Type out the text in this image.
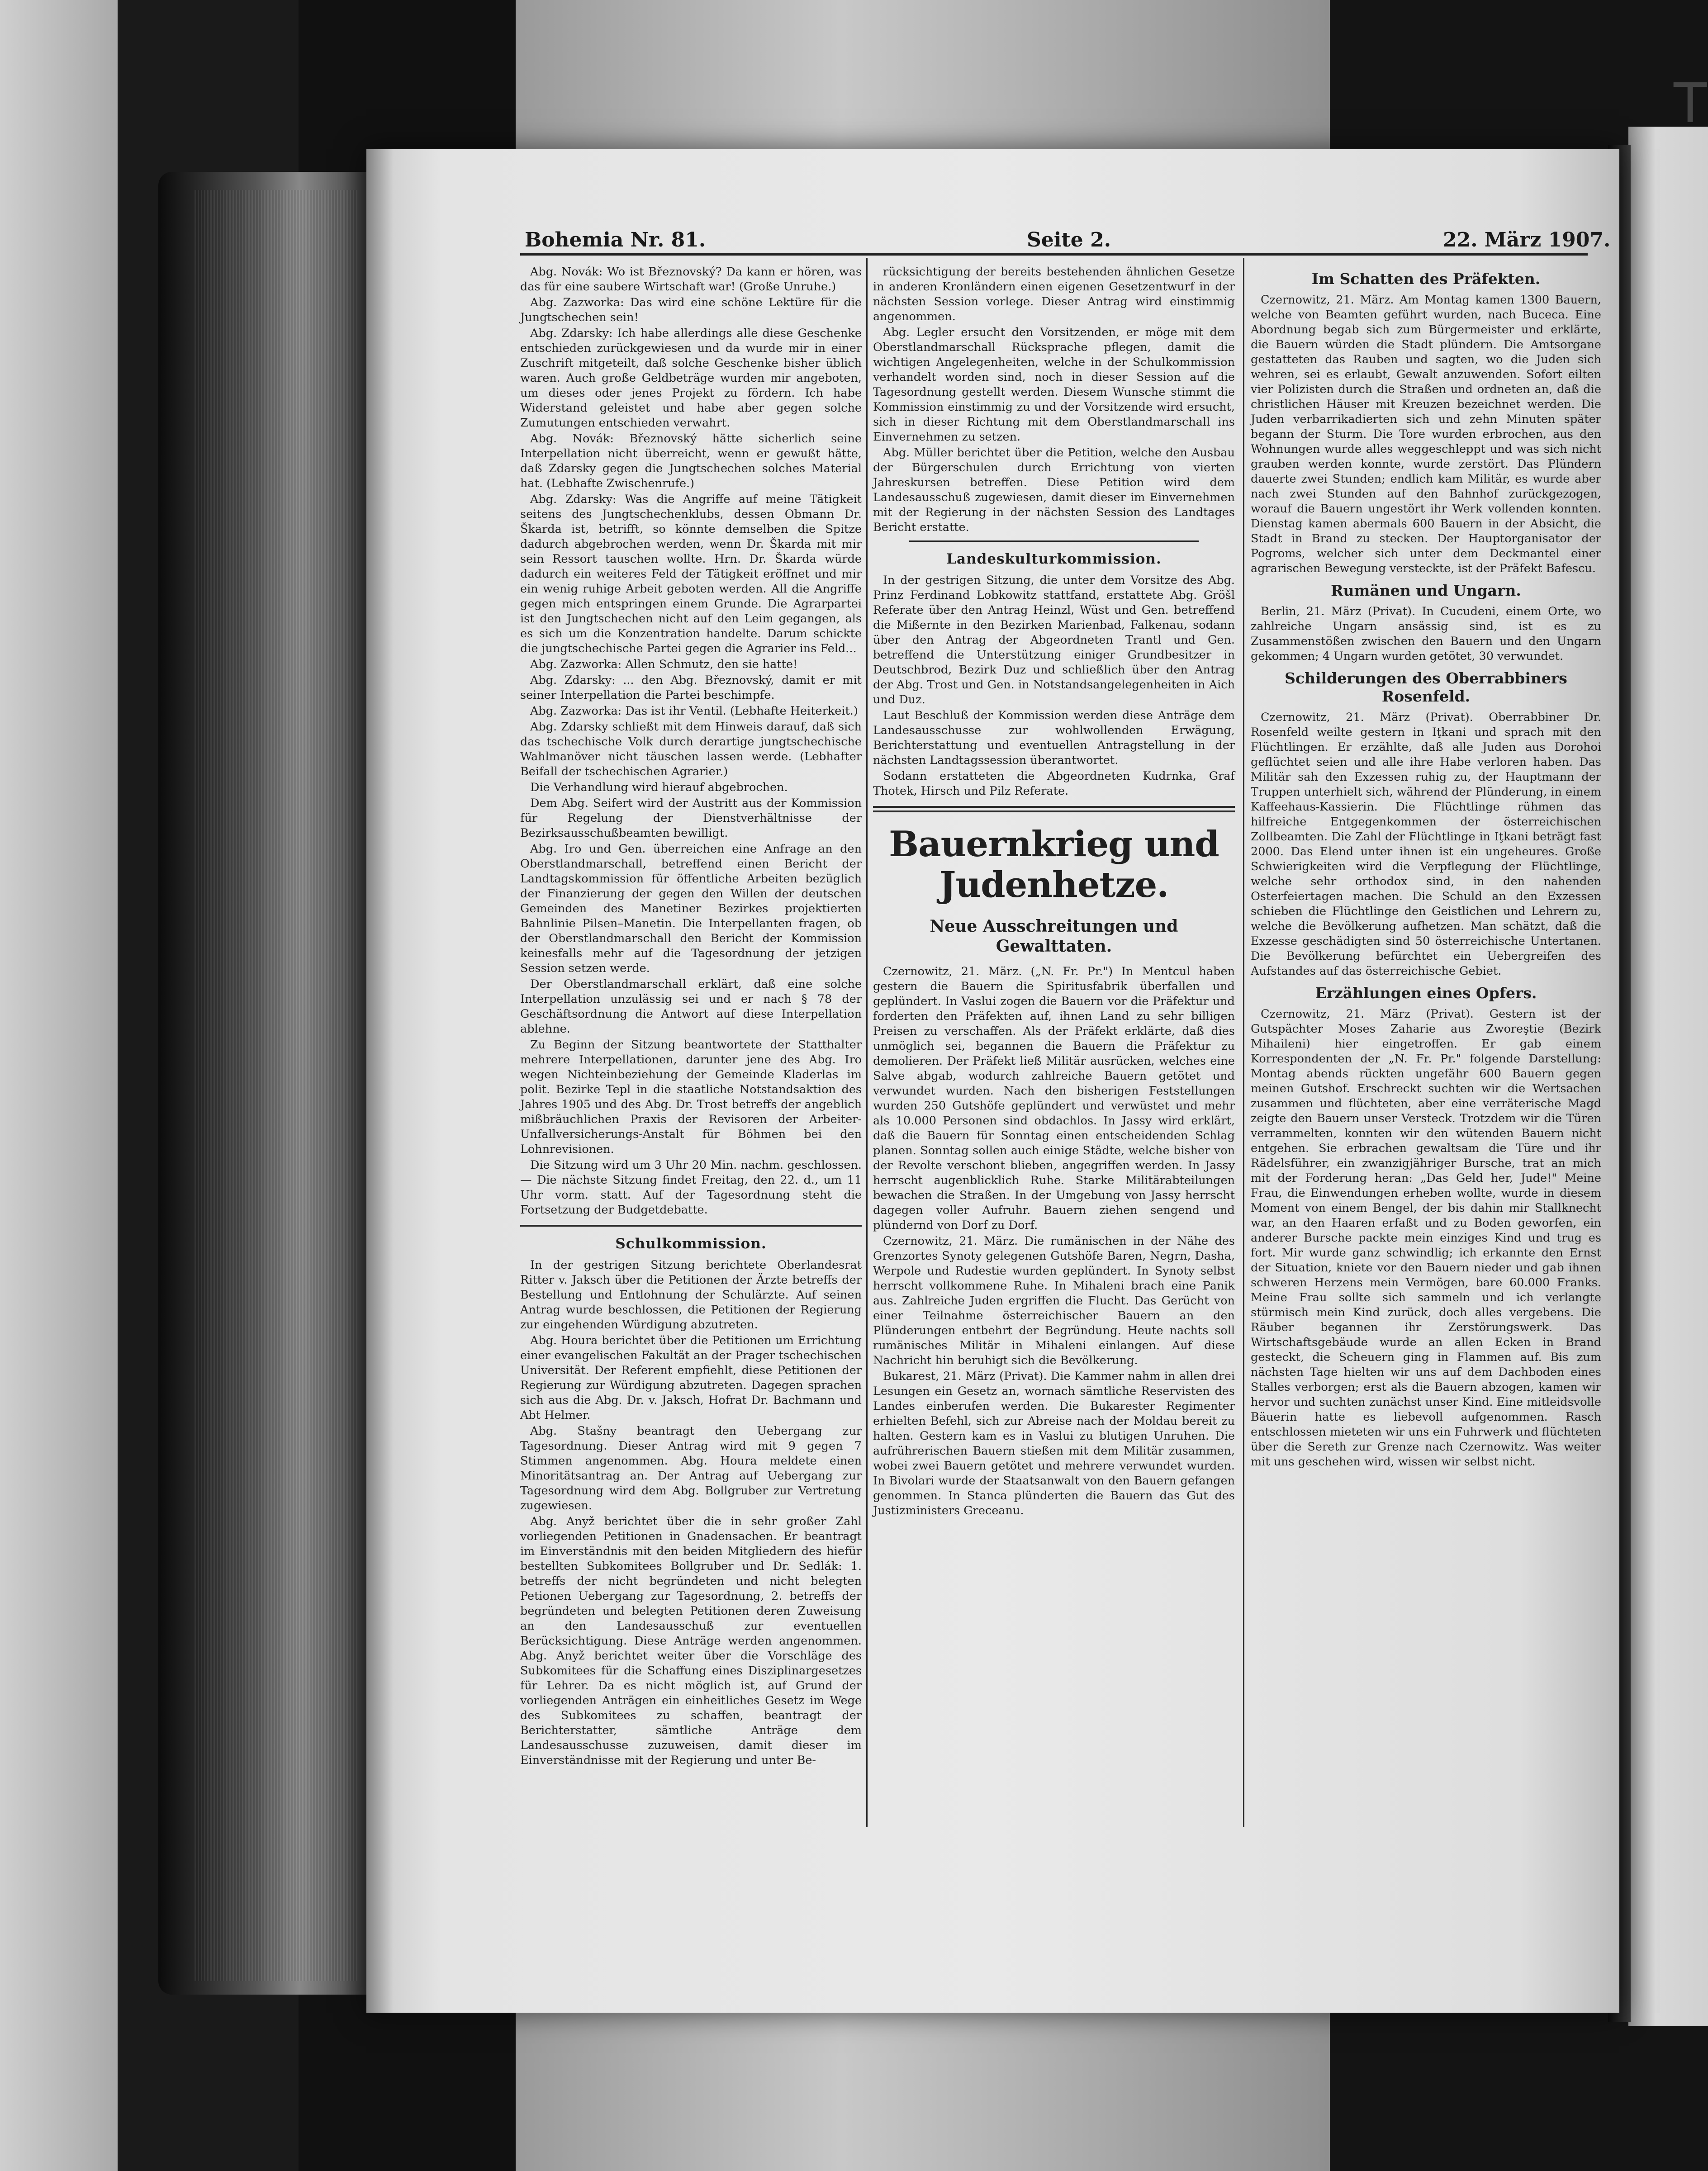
T
Bohemia Nr. 81.	Seite 2.	22. März 1907.

Abg. Novák: Wo ist Březnovský? Da kann er hören, was das für eine saubere Wirtschaft war! (Große Unruhe.)

Abg. Zazworka: Das wird eine schöne Lektüre für die Jungtschechen sein!

Abg. Zdarsky: Ich habe allerdings alle diese Geschenke entschieden zurückgewiesen und da wurde mir in einer Zuschrift mitgeteilt, daß solche Geschenke bisher üblich waren. Auch große Geldbeträge wurden mir angeboten, um dieses oder jenes Projekt zu fördern. Ich habe Widerstand geleistet und habe aber gegen solche Zumutungen entschieden verwahrt.

Abg. Novák: Březnovský hätte sicherlich seine Interpellation nicht überreicht, wenn er gewußt hätte, daß Zdarsky gegen die Jungtschechen solches Material hat. (Lebhafte Zwischenrufe.)

Abg. Zdarsky: Was die Angriffe auf meine Tätigkeit seitens des Jungtschechenklubs, dessen Obmann Dr. Škarda ist, betrifft, so könnte demselben die Spitze dadurch abgebrochen werden, wenn Dr. Škarda mit mir sein Ressort tauschen wollte. Hrn. Dr. Škarda würde dadurch ein weiteres Feld der Tätigkeit eröffnet und mir ein wenig ruhige Arbeit geboten werden. All die Angriffe gegen mich entspringen einem Grunde. Die Agrarpartei ist den Jungtschechen nicht auf den Leim gegangen, als es sich um die Konzentration handelte. Darum schickte die jungtschechische Partei gegen die Agrarier ins Feld...

Abg. Zazworka: Allen Schmutz, den sie hatte!

Abg. Zdarsky: ... den Abg. Březnovský, damit er mit seiner Interpellation die Partei beschimpfe.

Abg. Zazworka: Das ist ihr Ventil. (Lebhafte Heiterkeit.)

Abg. Zdarsky schließt mit dem Hinweis darauf, daß sich das tschechische Volk durch derartige jungtschechische Wahlmanöver nicht täuschen lassen werde. (Lebhafter Beifall der tschechischen Agrarier.)

Die Verhandlung wird hierauf abgebrochen.

Dem Abg. Seifert wird der Austritt aus der Kommission für Regelung der Dienstverhältnisse der Bezirksausschußbeamten bewilligt.

Abg. Iro und Gen. überreichen eine Anfrage an den Oberstlandmarschall, betreffend einen Bericht der Landtagskommission für öffentliche Arbeiten bezüglich der Finanzierung der gegen den Willen der deutschen Gemeinden des Manetiner Bezirkes projektierten Bahnlinie Pilsen–Manetin. Die Interpellanten fragen, ob der Oberstlandmarschall den Bericht der Kommission keinesfalls mehr auf die Tagesordnung der jetzigen Session setzen werde.

Der Oberstlandmarschall erklärt, daß eine solche Interpellation unzulässig sei und er nach § 78 der Geschäftsordnung die Antwort auf diese Interpellation ablehne.

Zu Beginn der Sitzung beantwortete der Statthalter mehrere Interpellationen, darunter jene des Abg. Iro wegen Nichteinbeziehung der Gemeinde Kladerlas im polit. Bezirke Tepl in die staatliche Notstandsaktion des Jahres 1905 und des Abg. Dr. Trost betreffs der angeblich mißbräuchlichen Praxis der Revisoren der Arbeiter-Unfallversicherungs-Anstalt für Böhmen bei den Lohnrevisionen.

Die Sitzung wird um 3 Uhr 20 Min. nachm. geschlossen. — Die nächste Sitzung findet Freitag, den 22. d., um 11 Uhr vorm. statt. Auf der Tagesordnung steht die Fortsetzung der Budgetdebatte.

Schulkommission.

In der gestrigen Sitzung berichtete Oberlandesrat Ritter v. Jaksch über die Petitionen der Ärzte betreffs der Bestellung und Entlohnung der Schulärzte. Auf seinen Antrag wurde beschlossen, die Petitionen der Regierung zur eingehenden Würdigung abzutreten.

Abg. Houra berichtet über die Petitionen um Errichtung einer evangelischen Fakultät an der Prager tschechischen Universität. Der Referent empfiehlt, diese Petitionen der Regierung zur Würdigung abzutreten. Dagegen sprachen sich aus die Abg. Dr. v. Jaksch, Hofrat Dr. Bachmann und Abt Helmer.

Abg. Stašny beantragt den Uebergang zur Tagesordnung. Dieser Antrag wird mit 9 gegen 7 Stimmen angenommen. Abg. Houra meldete einen Minoritätsantrag an. Der Antrag auf Uebergang zur Tagesordnung wird dem Abg. Bollgruber zur Vertretung zugewiesen.

Abg. Anyž berichtet über die in sehr großer Zahl vorliegenden Petitionen in Gnadensachen. Er beantragt im Einverständnis mit den beiden Mitgliedern des hiefür bestellten Subkomitees Bollgruber und Dr. Sedlák: 1. betreffs der nicht begründeten und nicht belegten Petionen Uebergang zur Tagesordnung, 2. betreffs der begründeten und belegten Petitionen deren Zuweisung an den Landesausschuß zur eventuellen Berücksichtigung. Diese Anträge werden angenommen. Abg. Anyž berichtet weiter über die Vorschläge des Subkomitees für die Schaffung eines Disziplinargesetzes für Lehrer. Da es nicht möglich ist, auf Grund der vorliegenden Anträgen ein einheitliches Gesetz im Wege des Subkomitees zu schaffen, beantragt der Berichterstatter, sämtliche Anträge dem Landesausschusse zuzuweisen, damit dieser im Einverständnisse mit der Regierung und unter Be-

rücksichtigung der bereits bestehenden ähnlichen Gesetze in anderen Kronländern einen eigenen Gesetzentwurf in der nächsten Session vorlege. Dieser Antrag wird einstimmig angenommen.

Abg. Legler ersucht den Vorsitzenden, er möge mit dem Oberstlandmarschall Rücksprache pflegen, damit die wichtigen Angelegenheiten, welche in der Schulkommission verhandelt worden sind, noch in dieser Session auf die Tagesordnung gestellt werden. Diesem Wunsche stimmt die Kommission einstimmig zu und der Vorsitzende wird ersucht, sich in dieser Richtung mit dem Oberstlandmarschall ins Einvernehmen zu setzen.

Abg. Müller berichtet über die Petition, welche den Ausbau der Bürgerschulen durch Errichtung von vierten Jahreskursen betreffen. Diese Petition wird dem Landesausschuß zugewiesen, damit dieser im Einvernehmen mit der Regierung in der nächsten Session des Landtages Bericht erstatte.

Landeskulturkommission.

In der gestrigen Sitzung, die unter dem Vorsitze des Abg. Prinz Ferdinand Lobkowitz stattfand, erstattete Abg. Gröšl Referate über den Antrag Heinzl, Wüst und Gen. betreffend die Mißernte in den Bezirken Marienbad, Falkenau, sodann über den Antrag der Abgeordneten Trantl und Gen. betreffend die Unterstützung einiger Grundbesitzer in Deutschbrod, Bezirk Duz und schließlich über den Antrag der Abg. Trost und Gen. in Notstandsangelegenheiten in Aich und Duz.

Laut Beschluß der Kommission werden diese Anträge dem Landesausschusse zur wohlwollenden Erwägung, Berichterstattung und eventuellen Antragstellung in der nächsten Landtagssession überantwortet.

Sodann erstatteten die Abgeordneten Kudrnka, Graf Thotek, Hirsch und Pilz Referate.

Bauernkrieg und Judenhetze.
Neue Ausschreitungen und Gewalttaten.

Czernowitz, 21. März. („N. Fr. Pr.") In Mentcul haben gestern die Bauern die Spiritusfabrik überfallen und geplündert. In Vaslui zogen die Bauern vor die Präfektur und forderten den Präfekten auf, ihnen Land zu sehr billigen Preisen zu verschaffen. Als der Präfekt erklärte, daß dies unmöglich sei, begannen die Bauern die Präfektur zu demolieren. Der Präfekt ließ Militär ausrücken, welches eine Salve abgab, wodurch zahlreiche Bauern getötet und verwundet wurden. Nach den bisherigen Feststellungen wurden 250 Gutshöfe geplündert und verwüstet und mehr als 10.000 Personen sind obdachlos. In Jassy wird erklärt, daß die Bauern für Sonntag einen entscheidenden Schlag planen. Sonntag sollen auch einige Städte, welche bisher von der Revolte verschont blieben, angegriffen werden. In Jassy herrscht augenblicklich Ruhe. Starke Militärabteilungen bewachen die Straßen. In der Umgebung von Jassy herrscht dagegen voller Aufruhr. Bauern ziehen sengend und plündernd von Dorf zu Dorf.

Czernowitz, 21. März. Die rumänischen in der Nähe des Grenzortes Synoty gelegenen Gutshöfe Baren, Negrn, Dasha, Werpole und Rudestie wurden geplündert. In Synoty selbst herrscht vollkommene Ruhe. In Mihaleni brach eine Panik aus. Zahlreiche Juden ergriffen die Flucht. Das Gerücht von einer Teilnahme österreichischer Bauern an den Plünderungen entbehrt der Begründung. Heute nachts soll rumänisches Militär in Mihaleni einlangen. Auf diese Nachricht hin beruhigt sich die Bevölkerung.

Bukarest, 21. März (Privat). Die Kammer nahm in allen drei Lesungen ein Gesetz an, wornach sämtliche Reservisten des Landes einberufen werden. Die Bukarester Regimenter erhielten Befehl, sich zur Abreise nach der Moldau bereit zu halten. Gestern kam es in Vaslui zu blutigen Unruhen. Die aufrührerischen Bauern stießen mit dem Militär zusammen, wobei zwei Bauern getötet und mehrere verwundet wurden. In Bivolari wurde der Staatsanwalt von den Bauern gefangen genommen. In Stanca plünderten die Bauern das Gut des Justizministers Greceanu.

Im Schatten des Präfekten.

Czernowitz, 21. März. Am Montag kamen 1300 Bauern, welche von Beamten geführt wurden, nach Buceca. Eine Abordnung begab sich zum Bürgermeister und erklärte, die Bauern würden die Stadt plündern. Die Amtsorgane gestatteten das Rauben und sagten, wo die Juden sich wehren, sei es erlaubt, Gewalt anzuwenden. Sofort eilten vier Polizisten durch die Straßen und ordneten an, daß die christlichen Häuser mit Kreuzen bezeichnet werden. Die Juden verbarrikadierten sich und zehn Minuten später begann der Sturm. Die Tore wurden erbrochen, aus den Wohnungen wurde alles weggeschleppt und was sich nicht grauben werden konnte, wurde zerstört. Das Plündern dauerte zwei Stunden; endlich kam Militär, es wurde aber nach zwei Stunden auf den Bahnhof zurückgezogen, worauf die Bauern ungestört ihr Werk vollenden konnten. Dienstag kamen abermals 600 Bauern in der Absicht, die Stadt in Brand zu stecken. Der Hauptorganisator der Pogroms, welcher sich unter dem Deckmantel einer agrarischen Bewegung versteckte, ist der Präfekt Bafescu.

Rumänen und Ungarn.

Berlin, 21. März (Privat). In Cucudeni, einem Orte, wo zahlreiche Ungarn ansässig sind, ist es zu Zusammenstößen zwischen den Bauern und den Ungarn gekommen; 4 Ungarn wurden getötet, 30 verwundet.

Schilderungen des Oberrabbiners Rosenfeld.

Czernowitz, 21. März (Privat). Oberrabbiner Dr. Rosenfeld weilte gestern in Iţkani und sprach mit den Flüchtlingen. Er erzählte, daß alle Juden aus Dorohoi geflüchtet seien und alle ihre Habe verloren haben. Das Militär sah den Exzessen ruhig zu, der Hauptmann der Truppen unterhielt sich, während der Plünderung, in einem Kaffeehaus-Kassierin. Die Flüchtlinge rühmen das hilfreiche Entgegenkommen der österreichischen Zollbeamten. Die Zahl der Flüchtlinge in Iţkani beträgt fast 2000. Das Elend unter ihnen ist ein ungeheures. Große Schwierigkeiten wird die Verpflegung der Flüchtlinge, welche sehr orthodox sind, in den nahenden Osterfeiertagen machen. Die Schuld an den Exzessen schieben die Flüchtlinge den Geistlichen und Lehrern zu, welche die Bevölkerung aufhetzen. Man schätzt, daß die Exzesse geschädigten sind 50 österreichische Untertanen. Die Bevölkerung befürchtet ein Uebergreifen des Aufstandes auf das österreichische Gebiet.

Erzählungen eines Opfers.

Czernowitz, 21. März (Privat). Gestern ist der Gutspächter Moses Zaharie aus Zworeştie (Bezirk Mihaileni) hier eingetroffen. Er gab einem Korrespondenten der „N. Fr. Pr." folgende Darstellung: Montag abends rückten ungefähr 600 Bauern gegen meinen Gutshof. Erschreckt suchten wir die Wertsachen zusammen und flüchteten, aber eine verräterische Magd zeigte den Bauern unser Versteck. Trotzdem wir die Türen verrammelten, konnten wir den wütenden Bauern nicht entgehen. Sie erbrachen gewaltsam die Türe und ihr Rädelsführer, ein zwanzigjähriger Bursche, trat an mich mit der Forderung heran: „Das Geld her, Jude!" Meine Frau, die Einwendungen erheben wollte, wurde in diesem Moment von einem Bengel, der bis dahin mir Stallknecht war, an den Haaren erfaßt und zu Boden geworfen, ein anderer Bursche packte mein einziges Kind und trug es fort. Mir wurde ganz schwindlig; ich erkannte den Ernst der Situation, kniete vor den Bauern nieder und gab ihnen schweren Herzens mein Vermögen, bare 60.000 Franks. Meine Frau sollte sich sammeln und ich verlangte stürmisch mein Kind zurück, doch alles vergebens. Die Räuber begannen ihr Zerstörungswerk. Das Wirtschaftsgebäude wurde an allen Ecken in Brand gesteckt, die Scheuern ging in Flammen auf. Bis zum nächsten Tage hielten wir uns auf dem Dachboden eines Stalles verborgen; erst als die Bauern abzogen, kamen wir hervor und suchten zunächst unser Kind. Eine mitleidsvolle Bäuerin hatte es liebevoll aufgenommen. Rasch entschlossen mieteten wir uns ein Fuhrwerk und flüchteten über die Sereth zur Grenze nach Czernowitz. Was weiter mit uns geschehen wird, wissen wir selbst nicht.
